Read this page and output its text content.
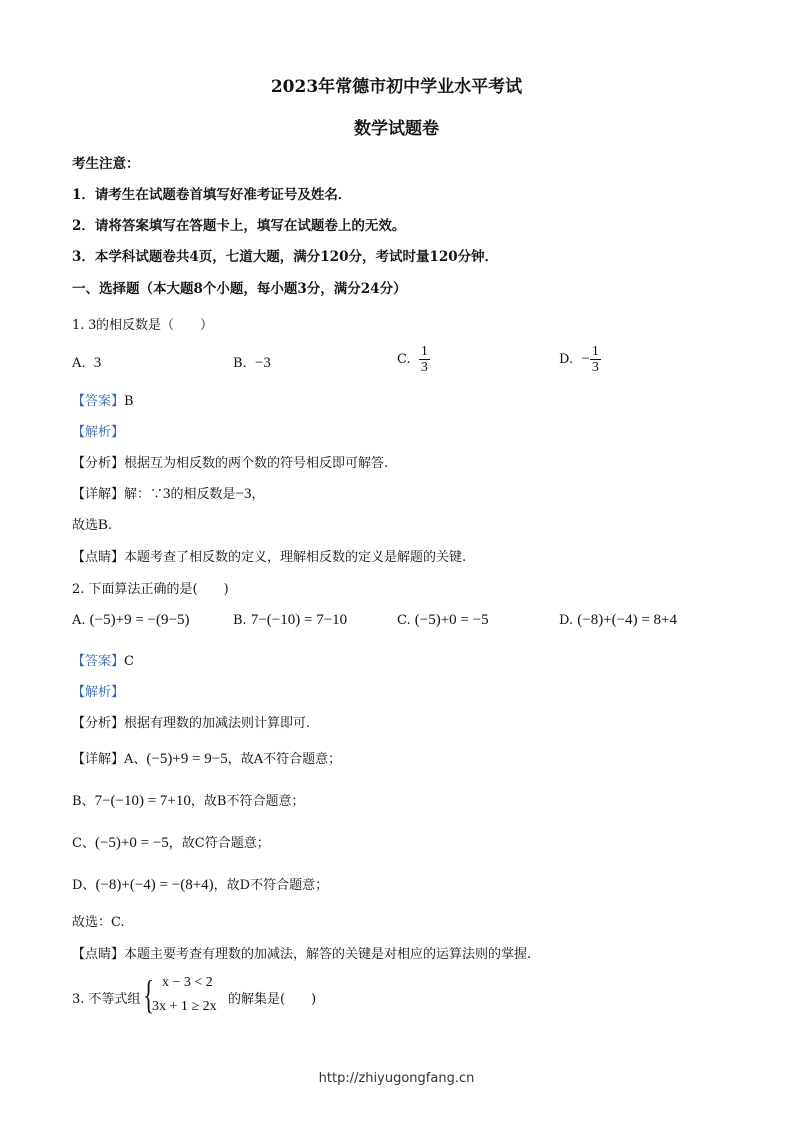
2023年常德市初中学业水平考试
数学试题卷
考生注意：
1．请考生在试题卷首填写好准考证号及姓名．
2．请将答案填写在答题卡上，填写在试题卷上的无效。
3．本学科试题卷共4页，七道大题，满分120分，考试时量120分钟．
一、选择题（本大题8个小题，每小题3分，满分24分）
1. 3的相反数是（　　）
A. 3	B. −3	C. $\frac{1}{3}$	D. − $\frac{1}{3}$
【答案】B
【解析】
【分析】根据互为相反数的两个数的符号相反即可解答.
【详解】解：∵3的相反数是−3，
故选B.
【点睛】本题考查了相反数的定义，理解相反数的定义是解题的关键.
2. 下面算法正确的是(　　)
A. (−5)+9 = −(9−5)	B. 7−(−10) = 7−10	C. (−5)+0 = −5	D. (−8)+(−4) = 8+4
【答案】C
【解析】
【分析】根据有理数的加减法则计算即可.
【详解】A、(−5)+9 = 9−5，故A不符合题意；
B、7−(−10) = 7+10，故B不符合题意；
C、(−5)+0 = −5，故C符合题意；
D、(−8)+(−4) = −(8+4)，故D不符合题意；
故选：C.
【点睛】本题主要考查有理数的加减法，解答的关键是对相应的运算法则的掌握.
3. 不等式组 { x − 3 < 2
3x + 1 ≥ 2x 的解集是(　　)
http://zhiyugongfang.cn
